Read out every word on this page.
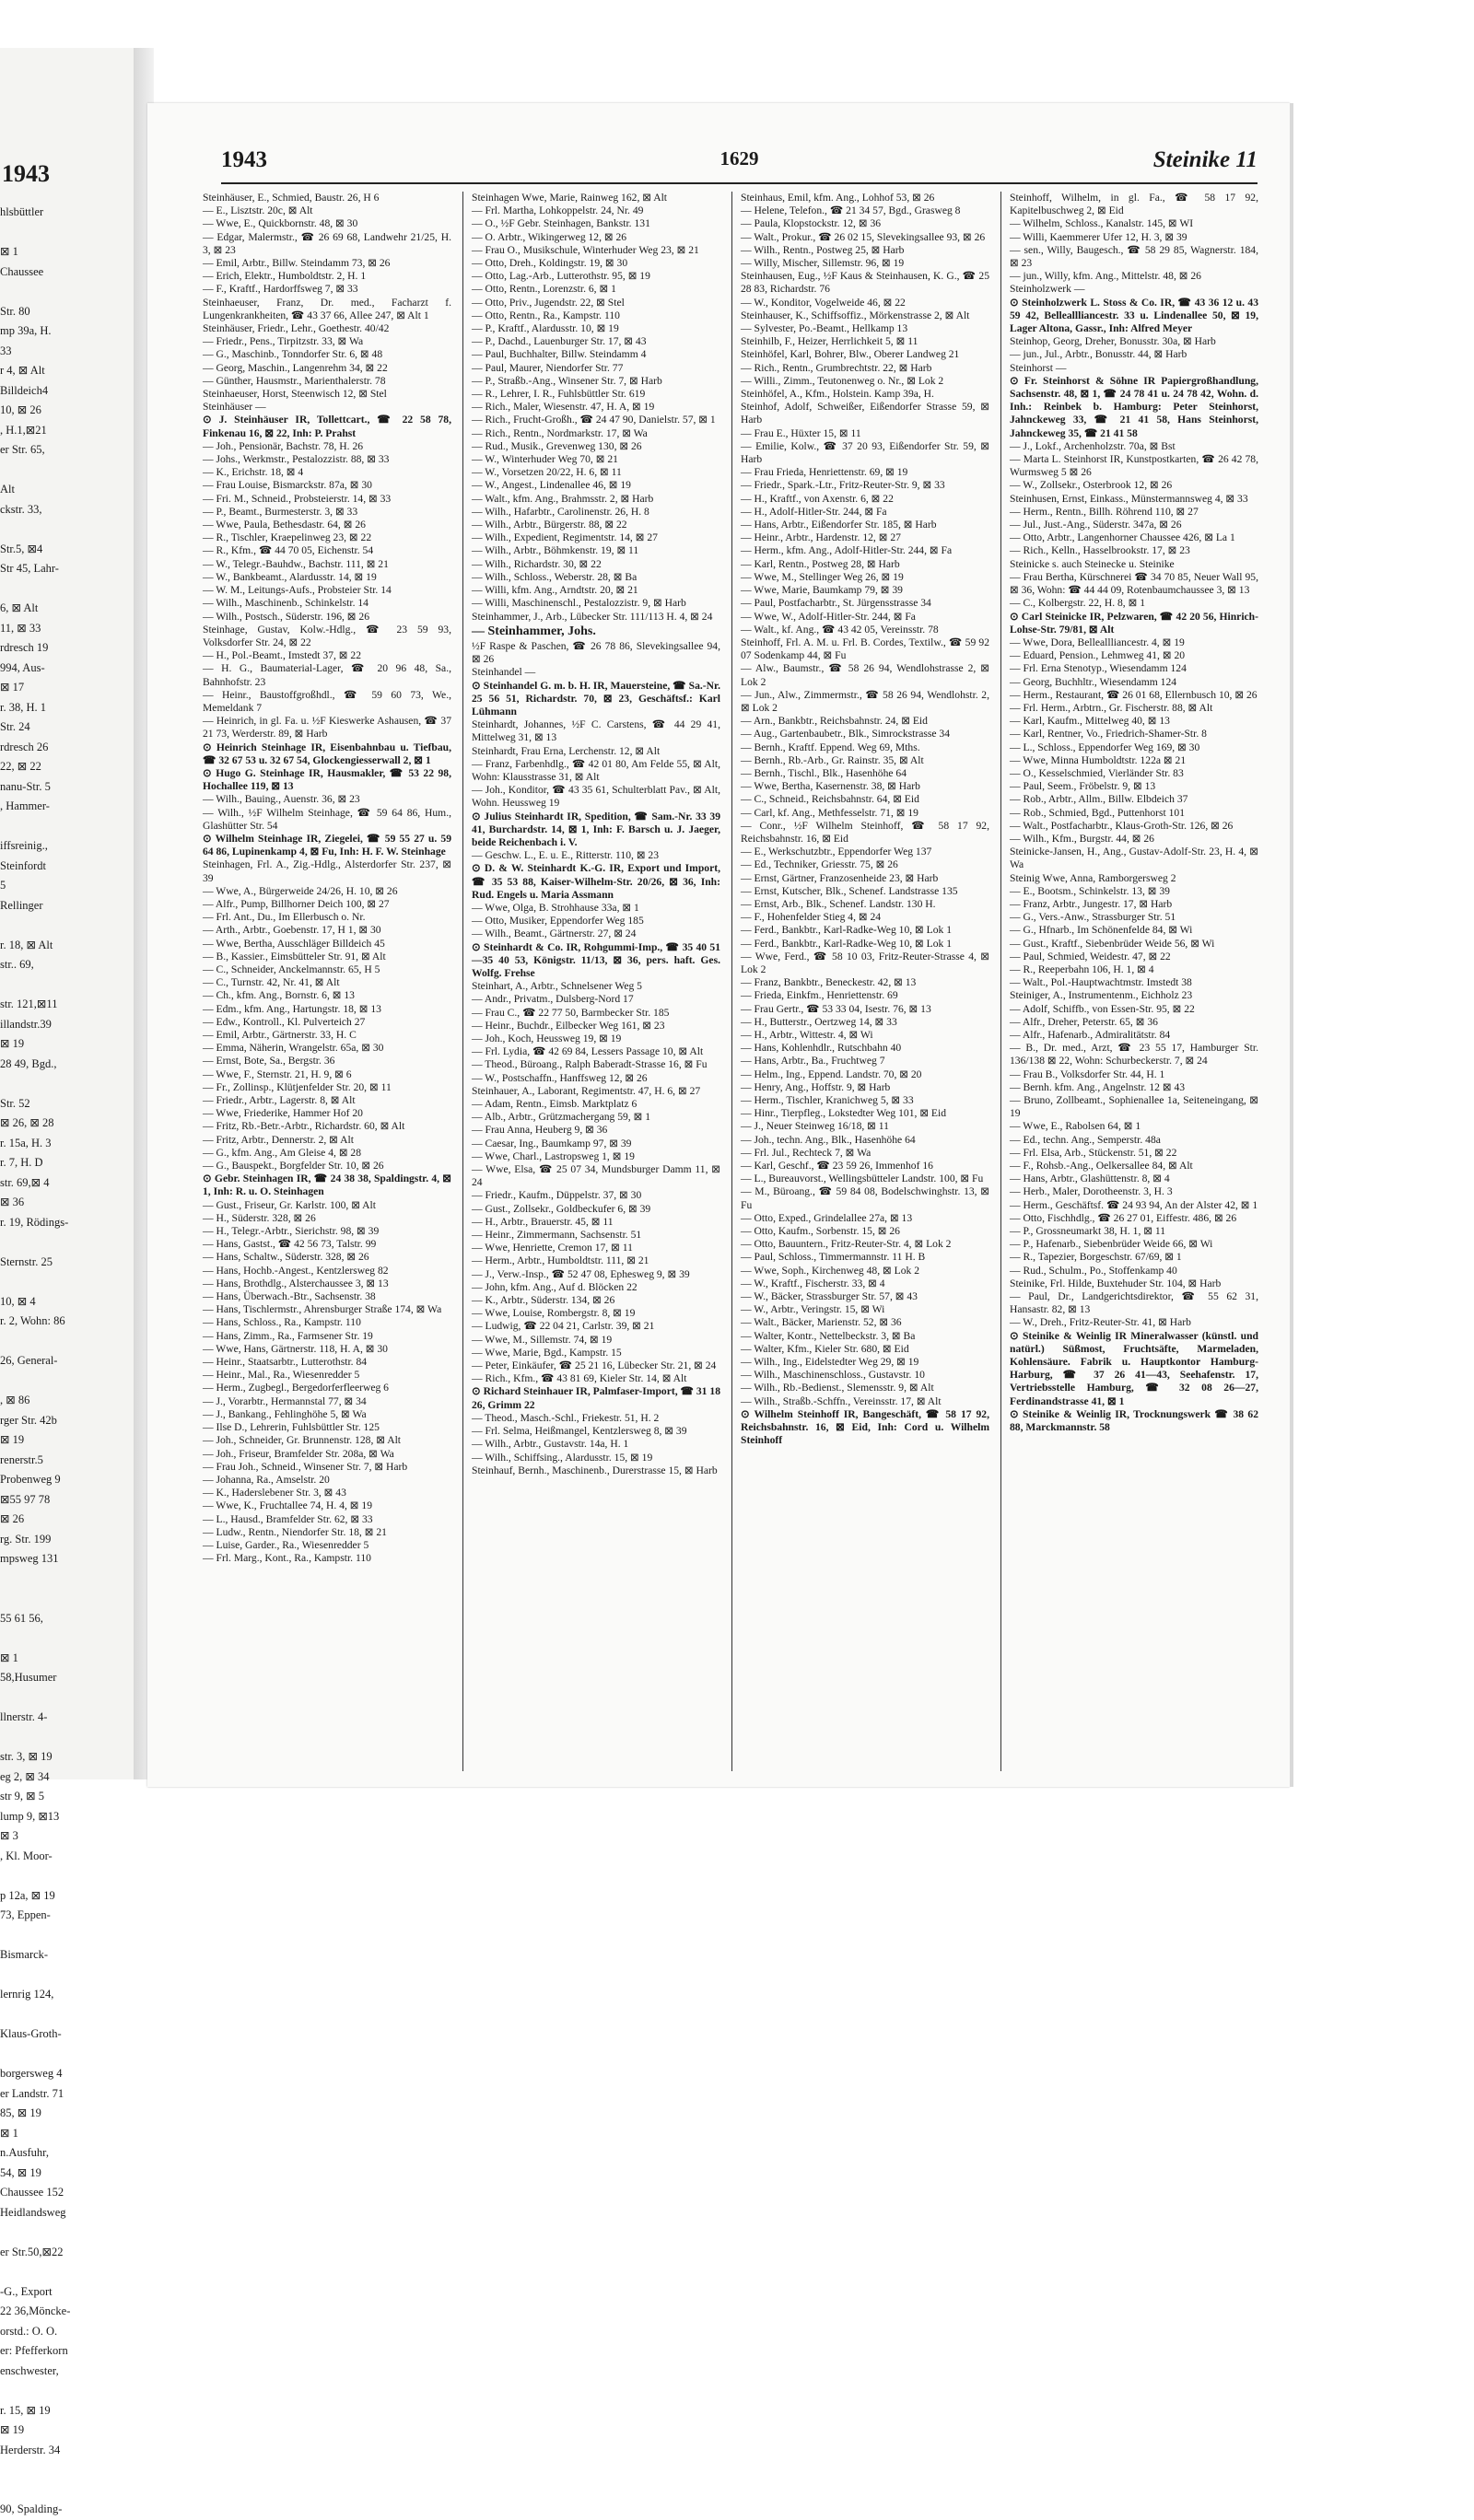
1943
hlsbüttler
⊠ 1
Chaussee
Str. 80
mp 39a, H.
33
r 4, ⊠ Alt
Billdeich4
10, ⊠ 26
, H.1,⊠21
er Str. 65,
Alt
ckstr. 33,
Str.5, ⊠4
Str 45, Lahr-
6, ⊠ Alt
11, ⊠ 33
rdresch 19
994, Aus-
⊠ 17
r. 38, H. 1
Str. 24
rdresch 26
22, ⊠ 22
nanu-Str. 5
, Hammer-
iffsreinig.,
Steinfordt
5
Rellinger
r. 18, ⊠ Alt
str.. 69,
str. 121,⊠11
illandstr.39
⊠ 19
28 49, Bgd.,
Str. 52
⊠ 26, ⊠ 28
r. 15a, H. 3
r. 7, H. D
str. 69,⊠ 4
⊠ 36
r. 19, Rödings-
Sternstr. 25
10, ⊠ 4
r. 2, Wohn: 86
26, General-
, ⊠ 86
rger Str. 42b
⊠ 19
renerstr.5
Probenweg 9
⊠55 97 78
⊠ 26
rg. Str. 199
mpsweg 131
55 61 56,
⊠ 1
58,Husumer
llnerstr. 4-
str. 3, ⊠ 19
eg 2, ⊠ 34
str 9, ⊠ 5
lump 9, ⊠13
⊠ 3
, Kl. Moor-
p 12a, ⊠ 19
73, Eppen-
Bismarck-
lernrig 124,
Klaus-Groth-
borgersweg 4
er Landstr. 71
85, ⊠ 19
⊠ 1
n.Ausfuhr,
54, ⊠ 19
Chaussee 152
Heidlandsweg
er Str.50,⊠22
-G., Export
22 36,Möncke-
orstd.: O. O.
er: Pfefferkorn
enschwester,
r. 15, ⊠ 19
⊠ 19
Herderstr. 34
90, Spalding-
1943	1629	Steinike 11
Steinhäuser, E., Schmied, Baustr. 26, H 6
— E., Lisztstr. 20c, ⊠ Alt
— Wwe, E., Quickbornstr. 48, ⊠ 30
— Edgar, Malermstr., ☎ 26 69 68, Landwehr 21/25, H. 3, ⊠ 23
— Emil, Arbtr., Billw. Steindamm 73, ⊠ 26
— Erich, Elektr., Humboldtstr. 2, H. 1
— F., Kraftf., Hardorffsweg 7, ⊠ 33
Steinhaeuser, Franz, Dr. med., Facharzt f. Lungenkrankheiten, ☎ 43 37 66, Allee 247, ⊠ Alt 1
Steinhäuser, Friedr., Lehr., Goethestr. 40/42
— Friedr., Pens., Tirpitzstr. 33, ⊠ Wa
— G., Maschinb., Tonndorfer Str. 6, ⊠ 48
— Georg, Maschin., Langenrehm 34, ⊠ 22
— Günther, Hausmstr., Marienthalerstr. 78
Steinhaeuser, Horst, Steenwisch 12, ⊠ Stel
Steinhäuser —
⊙ J. Steinhäuser IR, Tollettcart., ☎ 22 58 78, Finkenau 16, ⊠ 22, Inh: P. Prahst
— Joh., Pensionär, Bachstr. 78, H. 26
— Johs., Werkmstr., Pestalozzistr. 88, ⊠ 33
— K., Erichstr. 18, ⊠ 4
— Frau Louise, Bismarckstr. 87a, ⊠ 30
— Fri. M., Schneid., Probsteierstr. 14, ⊠ 33
— P., Beamt., Burmesterstr. 3, ⊠ 33
— Wwe, Paula, Bethesdastr. 64, ⊠ 26
— R., Tischler, Kraepelinweg 23, ⊠ 22
— R., Kfm., ☎ 44 70 05, Eichenstr. 54
— W., Telegr.-Bauhdw., Bachstr. 111, ⊠ 21
— W., Bankbeamt., Alardusstr. 14, ⊠ 19
— W. M., Leitungs-Aufs., Probsteier Str. 14
— Wilh., Maschinenb., Schinkelstr. 14
— Wilh., Postsch., Süderstr. 196, ⊠ 26
Steinhage, Gustav, Kolw.-Hdlg., ☎ 23 59 93, Volksdorfer Str. 24, ⊠ 22
— H., Pol.-Beamt., Imstedt 37, ⊠ 22
— H. G., Baumaterial-Lager, ☎ 20 96 48, Sa., Bahnhofstr. 23
— Heinr., Baustoffgroßhdl., ☎ 59 60 73, We., Memeldank 7
— Heinrich, in gl. Fa. u. ½F Kieswerke Ashausen, ☎ 37 21 73, Werderstr. 89, ⊠ Harb
⊙ Heinrich Steinhage IR, Eisenbahnbau u. Tiefbau, ☎ 32 67 53 u. 32 67 54, Glockengiesserwall 2, ⊠ 1
⊙ Hugo G. Steinhage IR, Hausmakler, ☎ 53 22 98, Hochallee 119, ⊠ 13
— Wilh., Bauing., Auenstr. 36, ⊠ 23
— Wilh., ½F Wilhelm Steinhage, ☎ 59 64 86, Hum., Glashütter Str. 54
⊙ Wilhelm Steinhage IR, Ziegelei, ☎ 59 55 27 u. 59 64 86, Lupinenkamp 4, ⊠ Fu, Inh: H. F. W. Steinhage
Steinhagen, Frl. A., Zig.-Hdlg., Alsterdorfer Str. 237, ⊠ 39
— Wwe, A., Bürgerweide 24/26, H. 10, ⊠ 26
— Alfr., Pump, Billhorner Deich 100, ⊠ 27
— Frl. Ant., Du., Im Ellerbusch o. Nr.
— Arth., Arbtr., Goebenstr. 17, H 1, ⊠ 30
— Wwe, Bertha, Ausschläger Billdeich 45
— B., Kassier., Eimsbütteler Str. 91, ⊠ Alt
— C., Schneider, Anckelmannstr. 65, H 5
— C., Turnstr. 42, Nr. 41, ⊠ Alt
— Ch., kfm. Ang., Bornstr. 6, ⊠ 13
— Edm., kfm. Ang., Hartungstr. 18, ⊠ 13
— Edw., Kontroll., Kl. Pulverteich 27
— Emil, Arbtr., Gärtnerstr. 33, H. C
— Emma, Näherin, Wrangelstr. 65a, ⊠ 30
— Ernst, Bote, Sa., Bergstr. 36
— Wwe, F., Sternstr. 21, H. 9, ⊠ 6
— Fr., Zollinsp., Klütjenfelder Str. 20, ⊠ 11
— Friedr., Arbtr., Lagerstr. 8, ⊠ Alt
— Wwe, Friederike, Hammer Hof 20
— Fritz, Rb.-Betr.-Arbtr., Richardstr. 60, ⊠ Alt
— Fritz, Arbtr., Dennerstr. 2, ⊠ Alt
— G., kfm. Ang., Am Gleise 4, ⊠ 28
— G., Bauspekt., Borgfelder Str. 10, ⊠ 26
⊙ Gebr. Steinhagen IR, ☎ 24 38 38, Spaldingstr. 4, ⊠ 1, Inh: R. u. O. Steinhagen
— Gust., Friseur, Gr. Karlstr. 100, ⊠ Alt
— H., Süderstr. 328, ⊠ 26
— H., Telegr.-Arbtr., Sierichstr. 98, ⊠ 39
— Hans, Gastst., ☎ 42 56 73, Talstr. 99
— Hans, Schaltw., Süderstr. 328, ⊠ 26
— Hans, Hochb.-Angest., Kentzlersweg 82
— Hans, Brothdlg., Alsterchaussee 3, ⊠ 13
— Hans, Überwach.-Btr., Sachsenstr. 38
— Hans, Tischlermstr., Ahrensburger Straße 174, ⊠ Wa
— Hans, Schloss., Ra., Kampstr. 110
— Hans, Zimm., Ra., Farmsener Str. 19
— Wwe, Hans, Gärtnerstr. 118, H. A, ⊠ 30
— Heinr., Staatsarbtr., Lutterothstr. 84
— Heinr., Mal., Ra., Wiesenredder 5
— Herm., Zugbegl., Bergedorferfleerweg 6
— J., Vorarbtr., Hermannstal 77, ⊠ 34
— J., Bankang., Fehlinghöhe 5, ⊠ Wa
— Ilse D., Lehrerin, Fuhlsbüttler Str. 125
— Joh., Schneider, Gr. Brunnenstr. 128, ⊠ Alt
— Joh., Friseur, Bramfelder Str. 208a, ⊠ Wa
— Frau Joh., Schneid., Winsener Str. 7, ⊠ Harb
— Johanna, Ra., Amselstr. 20
— K., Haderslebener Str. 3, ⊠ 43
— Wwe, K., Fruchtallee 74, H. 4, ⊠ 19
— L., Hausd., Bramfelder Str. 62, ⊠ 33
— Ludw., Rentn., Niendorfer Str. 18, ⊠ 21
— Luise, Garder., Ra., Wiesenredder 5
— Frl. Marg., Kont., Ra., Kampstr. 110
Steinhagen Wwe, Marie, Rainweg 162, ⊠ Alt
— Frl. Martha, Lohkoppelstr. 24, Nr. 49
— O., ½F Gebr. Steinhagen, Bankstr. 131
— O. Arbtr., Wikingerweg 12, ⊠ 26
— Frau O., Musikschule, Winterhuder Weg 23, ⊠ 21
— Otto, Dreh., Koldingstr. 19, ⊠ 30
— Otto, Lag.-Arb., Lutterothstr. 95, ⊠ 19
— Otto, Rentn., Lorenzstr. 6, ⊠ 1
— Otto, Priv., Jugendstr. 22, ⊠ Stel
— Otto, Rentn., Ra., Kampstr. 110
— P., Kraftf., Alardusstr. 10, ⊠ 19
— P., Dachd., Lauenburger Str. 17, ⊠ 43
— Paul, Buchhalter, Billw. Steindamm 4
— Paul, Maurer, Niendorfer Str. 77
— P., Straßb.-Ang., Winsener Str. 7, ⊠ Harb
— R., Lehrer, I. R., Fuhlsbüttler Str. 619
— Rich., Maler, Wiesenstr. 47, H. A, ⊠ 19
— Rich., Frucht-Großh., ☎ 24 47 90, Danielstr. 57, ⊠ 1
— Rich., Rentn., Nordmarkstr. 17, ⊠ Wa
— Rud., Musik., Grevenweg 130, ⊠ 26
— W., Winterhuder Weg 70, ⊠ 21
— W., Vorsetzen 20/22, H. 6, ⊠ 11
— W., Angest., Lindenallee 46, ⊠ 19
— Walt., kfm. Ang., Brahmsstr. 2, ⊠ Harb
— Wilh., Hafarbtr., Carolinenstr. 26, H. 8
— Wilh., Arbtr., Bürgerstr. 88, ⊠ 22
— Wilh., Expedient, Regimentstr. 14, ⊠ 27
— Wilh., Arbtr., Böhmkenstr. 19, ⊠ 11
— Wilh., Richardstr. 30, ⊠ 22
— Wilh., Schloss., Weberstr. 28, ⊠ Ba
— Willi, kfm. Ang., Arndtstr. 20, ⊠ 21
— Willi, Maschinenschl., Pestalozzistr. 9, ⊠ Harb
Steinhammer, J., Arb., Lübecker Str. 111/113 H. 4, ⊠ 24
— Steinhammer, Johs.
½F Raspe & Paschen, ☎ 26 78 86, Slevekingsallee 94, ⊠ 26
Steinhandel —
⊙ Steinhandel G. m. b. H. IR, Mauersteine, ☎ Sa.-Nr. 25 56 51, Richardstr. 70, ⊠ 23, Geschäftsf.: Karl Lühmann
Steinhardt, Johannes, ½F C. Carstens, ☎ 44 29 41, Mittelweg 31, ⊠ 13
Steinhardt, Frau Erna, Lerchenstr. 12, ⊠ Alt
— Franz, Farbenhdlg., ☎ 42 01 80, Am Felde 55, ⊠ Alt, Wohn: Klausstrasse 31, ⊠ Alt
— Joh., Konditor, ☎ 43 35 61, Schulterblatt Pav., ⊠ Alt, Wohn. Heussweg 19
⊙ Julius Steinhardt IR, Spedition, ☎ Sam.-Nr. 33 39 41, Burchardstr. 14, ⊠ 1, Inh: F. Barsch u. J. Jaeger, beide Reichenbach i. V.
— Geschw. L., E. u. E., Ritterstr. 110, ⊠ 23
⊙ D. & W. Steinhardt K.-G. IR, Export und Import, ☎ 35 53 88, Kaiser-Wilhelm-Str. 20/26, ⊠ 36, Inh: Rud. Engels u. Maria Assmann
— Wwe, Olga, B. Strohhause 33a, ⊠ 1
— Otto, Musiker, Eppendorfer Weg 185
— Wilh., Beamt., Gärtnerstr. 27, ⊠ 24
⊙ Steinhardt & Co. IR, Rohgummi-Imp., ☎ 35 40 51—35 40 53, Königstr. 11/13, ⊠ 36, pers. haft. Ges. Wolfg. Frehse
Steinhart, A., Arbtr., Schnelsener Weg 5
— Andr., Privatm., Dulsberg-Nord 17
— Frau C., ☎ 22 77 50, Barmbecker Str. 185
— Heinr., Buchdr., Eilbecker Weg 161, ⊠ 23
— Joh., Koch, Heussweg 19, ⊠ 19
— Frl. Lydia, ☎ 42 69 84, Lessers Passage 10, ⊠ Alt
— Theod., Büroang., Ralph Baberadt-Strasse 16, ⊠ Fu
— W., Postschaffn., Hanffsweg 12, ⊠ 26
Steinhauer, A., Laborant, Regimentstr. 47, H. 6, ⊠ 27
— Adam, Rentn., Eimsb. Marktplatz 6
— Alb., Arbtr., Grützmachergang 59, ⊠ 1
— Frau Anna, Heuberg 9, ⊠ 36
— Caesar, Ing., Baumkamp 97, ⊠ 39
— Wwe, Charl., Lastropsweg 1, ⊠ 19
— Wwe, Elsa, ☎ 25 07 34, Mundsburger Damm 11, ⊠ 24
— Friedr., Kaufm., Düppelstr. 37, ⊠ 30
— Gust., Zollsekr., Goldbeckufer 6, ⊠ 39
— H., Arbtr., Brauerstr. 45, ⊠ 11
— Heinr., Zimmermann, Sachsenstr. 51
— Wwe, Henriette, Cremon 17, ⊠ 11
— Herm., Arbtr., Humboldtstr. 111, ⊠ 21
— J., Verw.-Insp., ☎ 52 47 08, Ephesweg 9, ⊠ 39
— John, kfm. Ang., Auf d. Blöcken 22
— K., Arbtr., Süderstr. 134, ⊠ 26
— Wwe, Louise, Rombergstr. 8, ⊠ 19
— Ludwig, ☎ 22 04 21, Carlstr. 39, ⊠ 21
— Wwe, M., Sillemstr. 74, ⊠ 19
— Wwe, Marie, Bgd., Kampstr. 15
— Peter, Einkäufer, ☎ 25 21 16, Lübecker Str. 21, ⊠ 24
— Rich., Kfm., ☎ 43 81 69, Kieler Str. 14, ⊠ Alt
⊙ Richard Steinhauer IR, Palmfaser-Import, ☎ 31 18 26, Grimm 22
— Theod., Masch.-Schl., Friekestr. 51, H. 2
— Frl. Selma, Heißmangel, Kentzlersweg 8, ⊠ 39
— Wilh., Arbtr., Gustavstr. 14a, H. 1
— Wilh., Schiffsing., Alardusstr. 15, ⊠ 19
Steinhauf, Bernh., Maschinenb., Durerstrasse 15, ⊠ Harb
Steinhaus, Emil, kfm. Ang., Lohhof 53, ⊠ 26
— Helene, Telefon., ☎ 21 34 57, Bgd., Grasweg 8
— Paula, Klopstockstr. 12, ⊠ 36
— Walt., Prokur., ☎ 26 02 15, Slevekingsallee 93, ⊠ 26
— Wilh., Rentn., Postweg 25, ⊠ Harb
— Willy, Mischer, Sillemstr. 96, ⊠ 19
Steinhausen, Eug., ½F Kaus & Steinhausen, K. G., ☎ 25 28 83, Richardstr. 76
— W., Konditor, Vogelweide 46, ⊠ 22
Steinhauser, K., Schiffsoffiz., Mörkenstrasse 2, ⊠ Alt
— Sylvester, Po.-Beamt., Hellkamp 13
Steinhilb, F., Heizer, Herrlichkeit 5, ⊠ 11
Steinhöfel, Karl, Bohrer, Blw., Oberer Landweg 21
— Rich., Rentn., Grumbrechtstr. 22, ⊠ Harb
— Willi., Zimm., Teutonenweg o. Nr., ⊠ Lok 2
Steinhöfel, A., Kfm., Holstein. Kamp 39a, H.
Steinhof, Adolf, Schweißer, Eißendorfer Strasse 59, ⊠ Harb
— Frau E., Hüxter 15, ⊠ 11
— Emilie, Kolw., ☎ 37 20 93, Eißendorfer Str. 59, ⊠ Harb
— Frau Frieda, Henriettenstr. 69, ⊠ 19
— Friedr., Spark.-Ltr., Fritz-Reuter-Str. 9, ⊠ 33
— H., Kraftf., von Axenstr. 6, ⊠ 22
— H., Adolf-Hitler-Str. 244, ⊠ Fa
— Hans, Arbtr., Eißendorfer Str. 185, ⊠ Harb
— Heinr., Arbtr., Hardenstr. 12, ⊠ 27
— Herm., kfm. Ang., Adolf-Hitler-Str. 244, ⊠ Fa
— Karl, Rentn., Postweg 28, ⊠ Harb
— Wwe, M., Stellinger Weg 26, ⊠ 19
— Wwe, Marie, Baumkamp 79, ⊠ 39
— Paul, Postfacharbtr., St. Jürgensstrasse 34
— Wwe, W., Adolf-Hitler-Str. 244, ⊠ Fa
— Walt., kf. Ang., ☎ 43 42 05, Vereinsstr. 78
Steinhoff, Frl. A. M. u. Frl. B. Cordes, Textilw., ☎ 59 92 07 Sodenkamp 44, ⊠ Fu
— Alw., Baumstr., ☎ 58 26 94, Wendlohstrasse 2, ⊠ Lok 2
— Jun., Alw., Zimmermstr., ☎ 58 26 94, Wendlohstr. 2, ⊠ Lok 2
— Arn., Bankbtr., Reichsbahnstr. 24, ⊠ Eid
— Aug., Gartenbaubetr., Blk., Simrockstrasse 34
— Bernh., Kraftf. Eppend. Weg 69, Mths.
— Bernh., Rb.-Arb., Gr. Rainstr. 35, ⊠ Alt
— Bernh., Tischl., Blk., Hasenhöhe 64
— Wwe, Bertha, Kasernenstr. 38, ⊠ Harb
— C., Schneid., Reichsbahnstr. 64, ⊠ Eid
— Carl, kf. Ang., Methfesselstr. 71, ⊠ 19
— Conr., ½F Wilhelm Steinhoff, ☎ 58 17 92, Reichsbahnstr. 16, ⊠ Eid
— E., Werkschutzbtr., Eppendorfer Weg 137
— Ed., Techniker, Griesstr. 75, ⊠ 26
— Ernst, Gärtner, Franzosenheide 23, ⊠ Harb
— Ernst, Kutscher, Blk., Schenef. Landstrasse 135
— Ernst, Arb., Blk., Schenef. Landstr. 130 H.
— F., Hohenfelder Stieg 4, ⊠ 24
— Ferd., Bankbtr., Karl-Radke-Weg 10, ⊠ Lok 1
— Ferd., Bankbtr., Karl-Radke-Weg 10, ⊠ Lok 1
— Wwe, Ferd., ☎ 58 10 03, Fritz-Reuter-Strasse 4, ⊠ Lok 2
— Franz, Bankbtr., Beneckestr. 42, ⊠ 13
— Frieda, Einkfm., Henriettenstr. 69
— Frau Gertr., ☎ 53 33 04, Isestr. 76, ⊠ 13
— H., Butterstr., Oertzweg 14, ⊠ 33
— H., Arbtr., Wittestr. 4, ⊠ Wi
— Hans, Kohlenhdlr., Rutschbahn 40
— Hans, Arbtr., Ba., Fruchtweg 7
— Helm., Ing., Eppend. Landstr. 70, ⊠ 20
— Henry, Ang., Hoffstr. 9, ⊠ Harb
— Herm., Tischler, Kranichweg 5, ⊠ 33
— Hinr., Tierpfleg., Lokstedter Weg 101, ⊠ Eid
— J., Neuer Steinweg 16/18, ⊠ 11
— Joh., techn. Ang., Blk., Hasenhöhe 64
— Frl. Jul., Rechteck 7, ⊠ Wa
— Karl, Geschf., ☎ 23 59 26, Immenhof 16
— L., Bureauvorst., Wellingsbütteler Landstr. 100, ⊠ Fu
— M., Büroang., ☎ 59 84 08, Bodelschwinghstr. 13, ⊠ Fu
— Otto, Exped., Grindelallee 27a, ⊠ 13
— Otto, Kaufm., Sorbenstr. 15, ⊠ 26
— Otto, Bauuntern., Fritz-Reuter-Str. 4, ⊠ Lok 2
— Paul, Schloss., Timmermannstr. 11 H. B
— Wwe, Soph., Kirchenweg 48, ⊠ Lok 2
— W., Kraftf., Fischerstr. 33, ⊠ 4
— W., Bäcker, Strassburger Str. 57, ⊠ 43
— W., Arbtr., Veringstr. 15, ⊠ Wi
— Walt., Bäcker, Marienstr. 52, ⊠ 36
— Walter, Kontr., Nettelbeckstr. 3, ⊠ Ba
— Walter, Kfm., Kieler Str. 680, ⊠ Eid
— Wilh., Ing., Eidelstedter Weg 29, ⊠ 19
— Wilh., Maschinenschloss., Gustavstr. 10
— Wilh., Rb.-Bedienst., Slemensstr. 9, ⊠ Alt
— Wilh., Straßb.-Schffn., Vereinsstr. 17, ⊠ Alt
⊙ Wilhelm Steinhoff IR, Bangeschäft, ☎ 58 17 92, Reichsbahnstr. 16, ⊠ Eid, Inh: Cord u. Wilhelm Steinhoff
Steinhoff, Wilhelm, in gl. Fa., ☎ 58 17 92, Kapitelbuschweg 2, ⊠ Eid
— Wilhelm, Schloss., Kanalstr. 145, ⊠ WI
— Willi, Kaemmerer Ufer 12, H. 3, ⊠ 39
— sen., Willy, Baugesch., ☎ 58 29 85, Wagnerstr. 184, ⊠ 23
— jun., Willy, kfm. Ang., Mittelstr. 48, ⊠ 26
Steinholzwerk —
⊙ Steinholzwerk L. Stoss & Co. IR, ☎ 43 36 12 u. 43 59 42, Belleallliancestr. 33 u. Lindenallee 50, ⊠ 19, Lager Altona, Gassr., Inh: Alfred Meyer
Steinhop, Georg, Dreher, Bonusstr. 30a, ⊠ Harb
— jun., Jul., Arbtr., Bonusstr. 44, ⊠ Harb
Steinhorst —
⊙ Fr. Steinhorst & Söhne IR Papiergroßhandlung, Sachsenstr. 48, ⊠ 1, ☎ 24 78 41 u. 24 78 42, Wohn. d. Inh.: Reinbek b. Hamburg: Peter Steinhorst, Jahnckeweg 33, ☎ 21 41 58, Hans Steinhorst, Jahnckeweg 35, ☎ 21 41 58
— J., Lokf., Archenholzstr. 70a, ⊠ Bst
— Marta L. Steinhorst IR, Kunstpostkarten, ☎ 26 42 78, Wurmsweg 5 ⊠ 26
— W., Zollsekr., Osterbrook 12, ⊠ 26
Steinhusen, Ernst, Einkass., Münstermannsweg 4, ⊠ 33
— Herm., Rentn., Billh. Röhrend 110, ⊠ 27
— Jul., Just.-Ang., Süderstr. 347a, ⊠ 26
— Otto, Arbtr., Langenhorner Chaussee 426, ⊠ La 1
— Rich., Kelln., Hasselbrookstr. 17, ⊠ 23
Steinicke s. auch Steinecke u. Steinike
— Frau Bertha, Kürschnerei ☎ 34 70 85, Neuer Wall 95, ⊠ 36, Wohn: ☎ 44 44 09, Rotenbaumchaussee 3, ⊠ 13
— C., Kolbergstr. 22, H. 8, ⊠ 1
⊙ Carl Steinicke IR, Pelzwaren, ☎ 42 20 56, Hinrich-Lohse-Str. 79/81, ⊠ Alt
— Wwe, Dora, Belleallliancestr. 4, ⊠ 19
— Eduard, Pension., Lehmweg 41, ⊠ 20
— Frl. Erna Stenotyp., Wiesendamm 124
— Georg, Buchhltr., Wiesendamm 124
— Herm., Restaurant, ☎ 26 01 68, Ellernbusch 10, ⊠ 26
— Frl. Herm., Arbtrn., Gr. Fischerstr. 88, ⊠ Alt
— Karl, Kaufm., Mittelweg 40, ⊠ 13
— Karl, Rentner, Vo., Friedrich-Shamer-Str. 8
— L., Schloss., Eppendorfer Weg 169, ⊠ 30
— Wwe, Minna Humboldtstr. 122a ⊠ 21
— O., Kesselschmied, Vierländer Str. 83
— Paul, Seem., Fröbelstr. 9, ⊠ 13
— Rob., Arbtr., Allm., Billw. Elbdeich 37
— Rob., Schmied, Bgd., Puttenhorst 101
— Walt., Postfacharbtr., Klaus-Groth-Str. 126, ⊠ 26
— Wilh., Kfm., Burgstr. 44, ⊠ 26
Steinicke-Jansen, H., Ang., Gustav-Adolf-Str. 23, H. 4, ⊠ Wa
Steinig Wwe, Anna, Ramborgersweg 2
— E., Bootsm., Schinkelstr. 13, ⊠ 39
— Franz, Arbtr., Jungestr. 17, ⊠ Harb
— G., Vers.-Anw., Strassburger Str. 51
— G., Hfnarb., Im Schönenfelde 84, ⊠ Wi
— Gust., Kraftf., Siebenbrüder Weide 56, ⊠ Wi
— Paul, Schmied, Weidestr. 47, ⊠ 22
— R., Reeperbahn 106, H. 1, ⊠ 4
— Walt., Pol.-Hauptwachtmstr. Imstedt 38
Steiniger, A., Instrumentenm., Eichholz 23
— Adolf, Schiffb., von Essen-Str. 95, ⊠ 22
— Alfr., Dreher, Peterstr. 65, ⊠ 36
— Alfr., Hafenarb., Admiralitätstr. 84
— B., Dr. med., Arzt, ☎ 23 55 17, Hamburger Str. 136/138 ⊠ 22, Wohn: Schurbeckerstr. 7, ⊠ 24
— Frau B., Volksdorfer Str. 44, H. 1
— Bernh. kfm. Ang., Angelnstr. 12 ⊠ 43
— Bruno, Zollbeamt., Sophienallee 1a, Seiteneingang, ⊠ 19
— Wwe, E., Rabolsen 64, ⊠ 1
— Ed., techn. Ang., Semperstr. 48a
— Frl. Elsa, Arb., Stückenstr. 51, ⊠ 22
— F., Rohsb.-Ang., Oelkersallee 84, ⊠ Alt
— Hans, Arbtr., Glashüttenstr. 8, ⊠ 4
— Herb., Maler, Dorotheenstr. 3, H. 3
— Herm., Geschäftsf. ☎ 24 93 94, An der Alster 42, ⊠ 1
— Otto, Fischhdlg., ☎ 26 27 01, Eiffestr. 486, ⊠ 26
— P., Grossneumarkt 38, H. 1, ⊠ 11
— P., Hafenarb., Siebenbrüder Weide 66, ⊠ Wi
— R., Tapezier, Borgeschstr. 67/69, ⊠ 1
— Rud., Schulm., Po., Stoffenkamp 40
Steinike, Frl. Hilde, Buxtehuder Str. 104, ⊠ Harb
— Paul, Dr., Landgerichtsdirektor, ☎ 55 62 31, Hansastr. 82, ⊠ 13
— W., Dreh., Fritz-Reuter-Str. 41, ⊠ Harb
⊙ Steinike & Weinlig IR Mineralwasser (künstl. und natürl.) Süßmost, Fruchtsäfte, Marmeladen, Kohlensäure. Fabrik u. Hauptkontor Hamburg-Harburg, ☎ 37 26 41—43, Seehafenstr. 17, Vertriebsstelle Hamburg, ☎ 32 08 26—27, Ferdinandstrasse 41, ⊠ 1
⊙ Steinike & Weinlig IR, Trocknungswerk ☎ 38 62 88, Marckmannstr. 58
